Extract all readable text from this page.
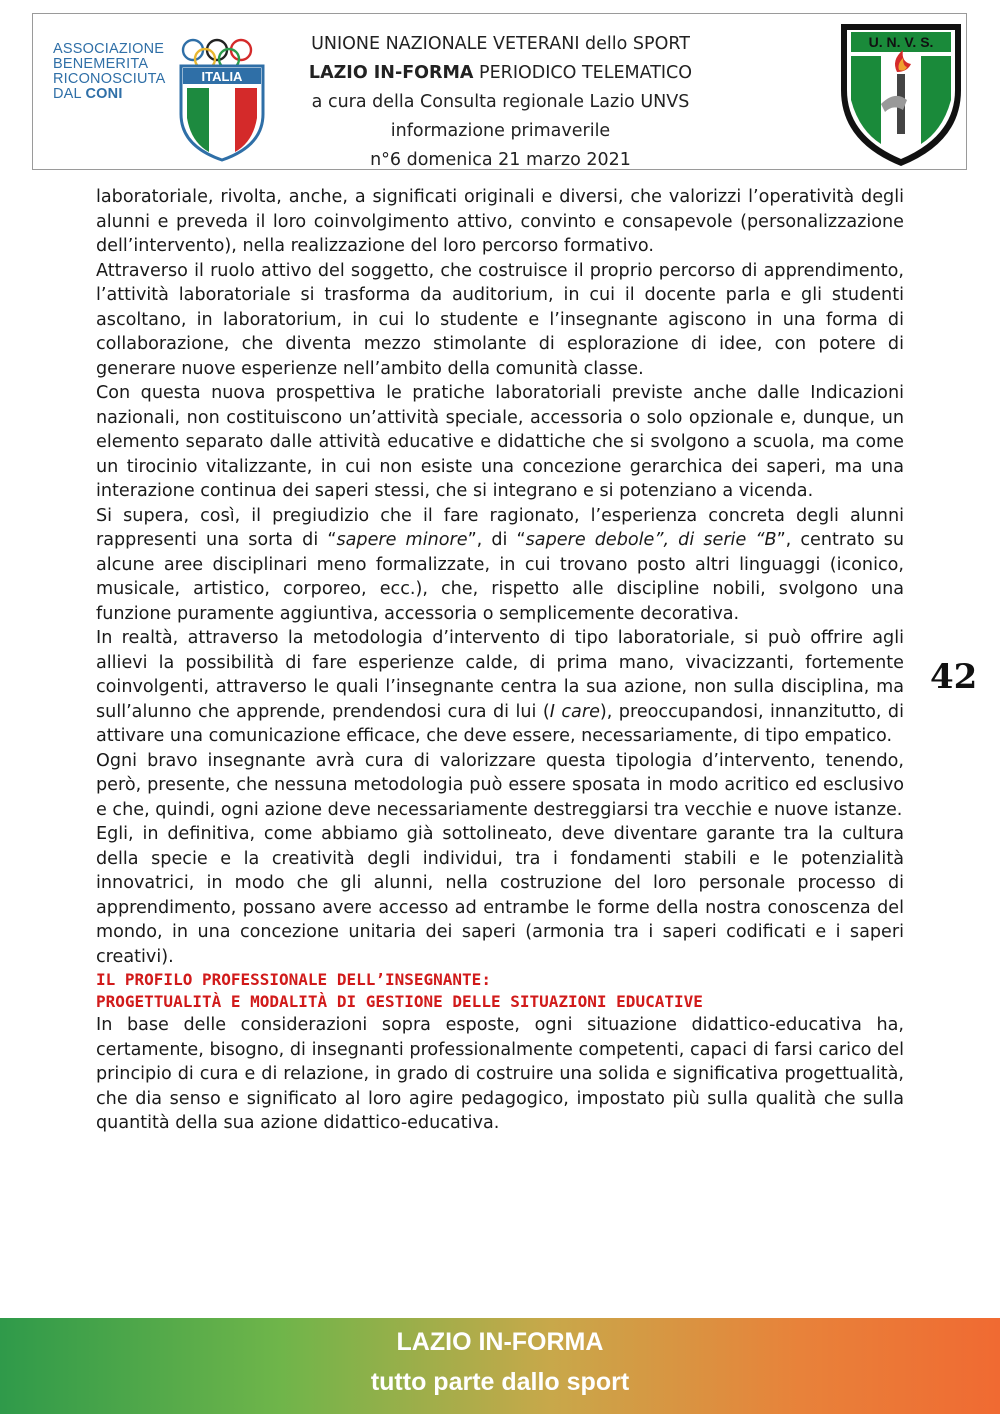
ASSOCIAZIONE
BENEMERITA
RICONOSCIUTA
DAL CONI
ITALIA
UNIONE NAZIONALE VETERANI dello SPORT
LAZIO IN-FORMA PERIODICO TELEMATICO
a cura della Consulta regionale Lazio UNVS
informazione primaverile
n°6 domenica 21 marzo 2021
U. N. V. S.

laboratoriale, rivolta, anche, a significati originali e diversi, che valorizzi l’operatività degli alunni e preveda il loro coinvolgimento attivo, convinto e consapevole (personalizzazione dell’intervento), nella realizzazione del loro percorso formativo.

Attraverso il ruolo attivo del soggetto, che costruisce il proprio percorso di apprendimento, l’attività laboratoriale si trasforma da auditorium, in cui il docente parla e gli studenti ascoltano, in laboratorium, in cui lo studente e l’insegnante agiscono in una forma di collaborazione, che diventa mezzo stimolante di esplorazione di idee, con potere di generare nuove esperienze nell’ambito della comunità classe.

Con questa nuova prospettiva le pratiche laboratoriali previste anche dalle Indicazioni nazionali, non costituiscono un’attività speciale, accessoria o solo opzionale e, dunque, un elemento separato dalle attività educative e didattiche che si svolgono a scuola, ma come un tirocinio vitalizzante, in cui non esiste una concezione gerarchica dei saperi, ma una interazione continua dei saperi stessi, che si integrano e si potenziano a vicenda.

Si supera, così, il pregiudizio che il fare ragionato, l’esperienza concreta degli alunni rappresenti una sorta di “sapere minore”, di “sapere debole”, di serie “B”, centrato su alcune aree disciplinari meno formalizzate, in cui trovano posto altri linguaggi (iconico, musicale, artistico, corporeo, ecc.), che, rispetto alle discipline nobili, svolgono una funzione puramente aggiuntiva, accessoria o semplicemente decorativa.

In realtà, attraverso la metodologia d’intervento di tipo laboratoriale, si può offrire agli allievi la possibilità di fare esperienze calde, di prima mano, vivacizzanti, fortemente coinvolgenti, attraverso le quali l’insegnante centra la sua azione, non sulla disciplina, ma sull’alunno che apprende, prendendosi cura di lui (I care), preoccupandosi, innanzitutto, di attivare una comunicazione efficace, che deve essere, necessariamente, di tipo empatico.

Ogni bravo insegnante avrà cura di valorizzare questa tipologia d’intervento, tenendo, però, presente, che nessuna metodologia può essere sposata in modo acritico ed esclusivo e che, quindi, ogni azione deve necessariamente destreggiarsi tra vecchie e nuove istanze.

Egli, in definitiva, come abbiamo già sottolineato, deve diventare garante tra la cultura della specie e la creatività degli individui, tra i fondamenti stabili e le potenzialità innovatrici, in modo che gli alunni, nella costruzione del loro personale processo di apprendimento, possano avere accesso ad entrambe le forme della nostra conoscenza del mondo, in una concezione unitaria dei saperi (armonia tra i saperi codificati e i saperi creativi).

IL PROFILO PROFESSIONALE DELL’INSEGNANTE:

PROGETTUALITÀ E MODALITÀ DI GESTIONE DELLE SITUAZIONI EDUCATIVE

In base delle considerazioni sopra esposte, ogni situazione didattico-educativa ha, certamente, bisogno, di insegnanti professionalmente competenti, capaci di farsi carico del principio di cura e di relazione, in grado di costruire una solida e significativa progettualità, che dia senso e significato al loro agire pedagogico, impostato più sulla qualità che sulla quantità della sua azione didattico-educativa.

42
LAZIO IN-FORMA
tutto parte dallo sport
